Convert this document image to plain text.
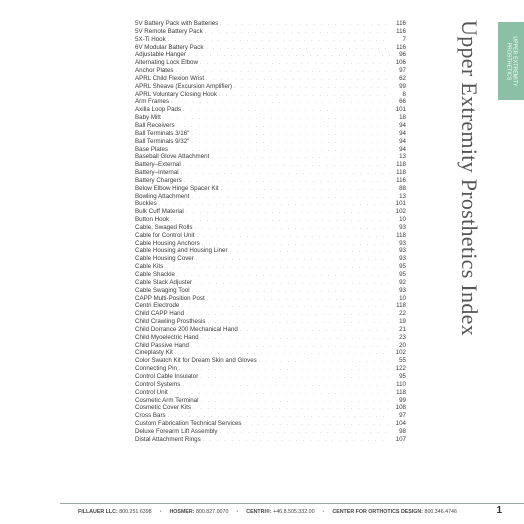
UPPER EXTREMITY
PROSTHETICS
Upper Extremity Prosthetics Index
5V Battery Pack with Batteries . . .	116
5V Remote Battery Pack . . .	116
5X-Ti Hook . . .	7
6V Modular Battery Pack . . .	116
Adjustable Hanger . . .	96
Alternating Lock Elbow . . .	106
Anchor Plates . . .	97
APRL Child Flexion Wrist . . .	62
APRL Sheave (Excursion Amplifier) . . .	99
APRL Voluntary Closing Hook . . .	8
Arm Frames . . .	66
Axilla Loop Pads . . .	101
Baby Mitt . . .	18
Ball Receivers . . .	94
Ball Terminals 3/16" . . .	94
Ball Terminals 9/32" . . .	94
Base Plates . . .	94
Baseball Glove Attachment . . .	13
Battery–External . . .	118
Battery–Internal . . .	118
Battery Chargers . . .	116
Below Elbow Hinge Spacer Kit . . .	88
Bowling Attachment . . .	13
Buckles . . .	101
Bulk Cuff Material . . .	102
Button Hook . . .	10
Cable, Swaged Rolls . . .	93
Cable for Control Unit . . .	118
Cable Housing Anchors . . .	93
Cable Housing and Housing Liner . . .	93
Cable Housing Cover . . .	93
Cable Kits . . .	95
Cable Shackle . . .	95
Cable Slack Adjuster . . .	92
Cable Swaging Tool . . .	93
CAPP Multi-Position Post . . .	10
Centri Electrode . . .	118
Child CAPP Hand . . .	22
Child Crawling Prosthesis . . .	19
Child Dorrance 200 Mechanical Hand . . .	21
Child Myoelectric Hand . . .	23
Child Passive Hand . . .	20
Cineplasty Kit . . .	102
Color Swatch Kit for Dream Skin and Gloves . . .	55
Connecting Pin . . .	122
Control Cable Insulator . . .	95
Control Systems . . .	110
Control Unit . . .	118
Cosmetic Arm Terminal . . .	99
Cosmetic Cover Kits . . .	108
Cross Bars . . .	97
Custom Fabrication Technical Services . . .	104
Deluxe Forearm Lift Assembly . . .	98
Distal Attachment Rings . . .	107
FILLAUER LLC:
800.251.6398	•	HOSMER:
800.827.0070	•	CENTRI®:
+46.8.505.332.00	•	CENTER FOR ORTHOTICS DESIGN:
800.346.4746	1
